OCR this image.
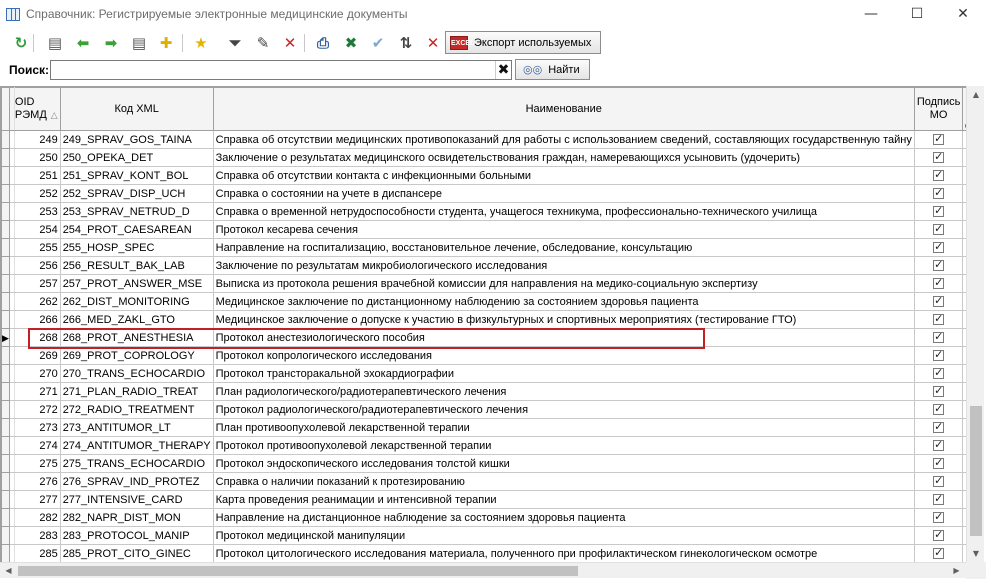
Справочник: Регистрируемые электронные медицинские документы	—	☐	✕
EXCEL Экспорт используемых
↻	▤ ⬅	➡ ▤ ✚	★	⏷	✎ ✕	⎙	✖ ✔	⇅ ✕
Поиск:	✖ ◎◎ Найти
		OID РЭМД △	Код XML	Наименование	Подпись МО			
		249	249_SPRAV_GOS_TAINA	Справка об отсутствии медицинских противопоказаний для работы с использованием сведений, составляющих государственную тайну	✓			
		250	250_OPEKA_DET	Заключение о результатах медицинского освидетельствования граждан, намеревающихся усыновить (удочерить)	✓			
		251	251_SPRAV_KONT_BOL	Справка об отсутствии контакта с инфекционными больными	✓			
		252	252_SPRAV_DISP_UCH	Справка о состоянии на учете в диспансере	✓			
		253	253_SPRAV_NETRUD_D	Справка о временной нетрудоспособности студента, учащегося техникума, профессионально-технического училища	✓			
		254	254_PROT_CAESAREAN	Протокол кесарева сечения	✓			
		255	255_HOSP_SPEC	Направление на госпитализацию, восстановительное лечение, обследование, консультацию	✓			
		256	256_RESULT_BAK_LAB	Заключение по результатам микробиологического исследования	✓			
		257	257_PROT_ANSWER_MSE	Выписка из протокола решения врачебной комиссии для направления на медико-социальную экспертизу	✓			
		262	262_DIST_MONITORING	Медицинское заключение по дистанционному наблюдению за состоянием здоровья пациента	✓			
		266	266_MED_ZAKL_GTO	Медицинское заключение о допуске к участию в физкультурных и спортивных мероприятиях (тестирование ГТО)	✓			
▶		268	268_PROT_ANESTHESIA	Протокол анестезиологического пособия	✓			
		269	269_PROT_COPROLOGY	Протокол копрологического исследования	✓			
		270	270_TRANS_ECHOCARDIO	Протокол трансторакальной эхокардиографии	✓			
		271	271_PLAN_RADIO_TREAT	План радиологического/радиотерапевтического лечения	✓			
		272	272_RADIO_TREATMENT	Протокол радиологического/радиотерапевтического лечения	✓			
		273	273_ANTITUMOR_LT	План противоопухолевой лекарственной терапии	✓			
		274	274_ANTITUMOR_THERAPY	Протокол противоопухолевой лекарственной терапии	✓			
		275	275_TRANS_ECHOCARDIO	Протокол эндоскопического исследования толстой кишки	✓			
		276	276_SPRAV_IND_PROTEZ	Справка о наличии показаний к протезированию	✓			
		277	277_INTENSIVE_CARD	Карта проведения реанимации и интенсивной терапии	✓			
		282	282_NAPR_DIST_MON	Направление на дистанционное наблюдение за состоянием здоровья пациента	✓			
		283	283_PROTOCOL_MANIP	Протокол медицинской манипуляции	✓			
		285	285_PROT_CITO_GINEC	Протокол цитологического исследования материала, полученного при профилактическом гинекологическом осмотре	✓			
▲
▼
◀	▶
